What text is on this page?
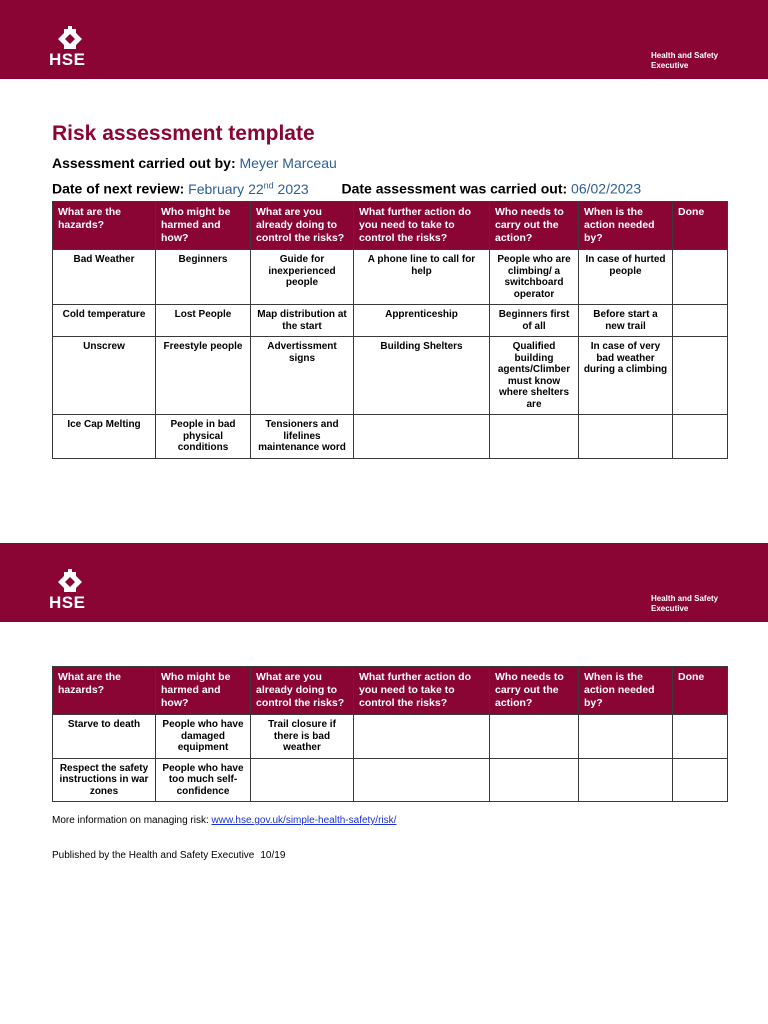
HSE	Health and Safety
Executive
Risk assessment template
Assessment carried out by: Meyer Marceau
Date of next review: February 22nd 2023 Date assessment was carried out: 06/02/2023
What are the hazards?	Who might be harmed and how?	What are you already doing to control the risks?	What further action do you need to take to control the risks?	Who needs to carry out the action?	When is the action needed by?	Done
Bad Weather	Beginners	Guide for inexperienced people	A phone line to call for help	People who are climbing/ a switchboard operator	In case of hurted people	
Cold temperature	Lost People	Map distribution at the start	Apprenticeship	Beginners first of all	Before start a new trail	
Unscrew	Freestyle people	Advertissment signs	Building Shelters	Qualified building agents/Climber must know where shelters are	In case of very bad weather during a climbing	
Ice Cap Melting	People in bad physical conditions	Tensioners and lifelines maintenance word				
HSE	Health and Safety
Executive
What are the hazards?	Who might be harmed and how?	What are you already doing to control the risks?	What further action do you need to take to control the risks?	Who needs to carry out the action?	When is the action needed by?	Done
Starve to death	People who have damaged equipment	Trail closure if there is bad weather				
Respect the safety instructions in war zones	People who have too much self-confidence					
More information on managing risk: www.hse.gov.uk/simple-health-safety/risk/
Published by the Health and Safety Executive 10/19
